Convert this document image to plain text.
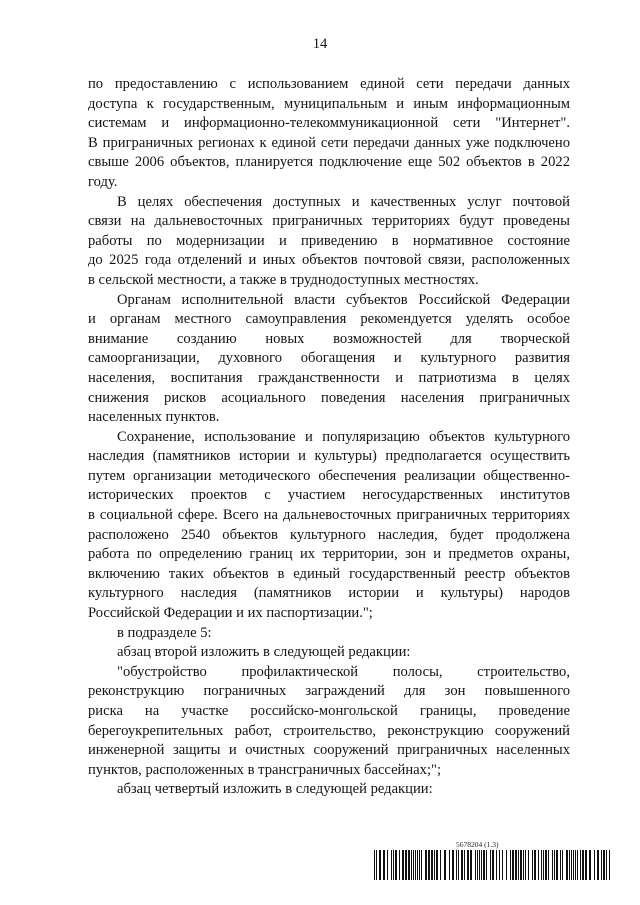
14
по предоставлению с использованием единой сети передачи данных
доступа к государственным, муниципальным и иным информационным
системам и информационно-телекоммуникационной сети "Интернет".
В приграничных регионах к единой сети передачи данных уже подключено
свыше 2006 объектов, планируется подключение еще 502 объектов в 2022
году.
В целях обеспечения доступных и качественных услуг почтовой
связи на дальневосточных приграничных территориях будут проведены
работы по модернизации и приведению в нормативное состояние
до 2025 года отделений и иных объектов почтовой связи, расположенных
в сельской местности, а также в труднодоступных местностях.
Органам исполнительной власти субъектов Российской Федерации
и органам местного самоуправления рекомендуется уделять особое
внимание созданию новых возможностей для творческой
самоорганизации, духовного обогащения и культурного развития
населения, воспитания гражданственности и патриотизма в целях
снижения рисков асоциального поведения населения приграничных
населенных пунктов.
Сохранение, использование и популяризацию объектов культурного
наследия (памятников истории и культуры) предполагается осуществить
путем организации методического обеспечения реализации общественно-
исторических проектов с участием негосударственных институтов
в социальной сфере. Всего на дальневосточных приграничных территориях
расположено 2540 объектов культурного наследия, будет продолжена
работа по определению границ их территории, зон и предметов охраны,
включению таких объектов в единый государственный реестр объектов
культурного наследия (памятников истории и культуры) народов
Российской Федерации и их паспортизации.";
в подразделе 5:
абзац второй изложить в следующей редакции:
"обустройство профилактической полосы, строительство,
реконструкцию пограничных заграждений для зон повышенного
риска на участке российско-монгольской границы, проведение
берегоукрепительных работ, строительство, реконструкцию сооружений
инженерной защиты и очистных сооружений приграничных населенных
пунктов, расположенных в трансграничных бассейнах;";
абзац четвертый изложить в следующей редакции:
5678204 (1.3)
